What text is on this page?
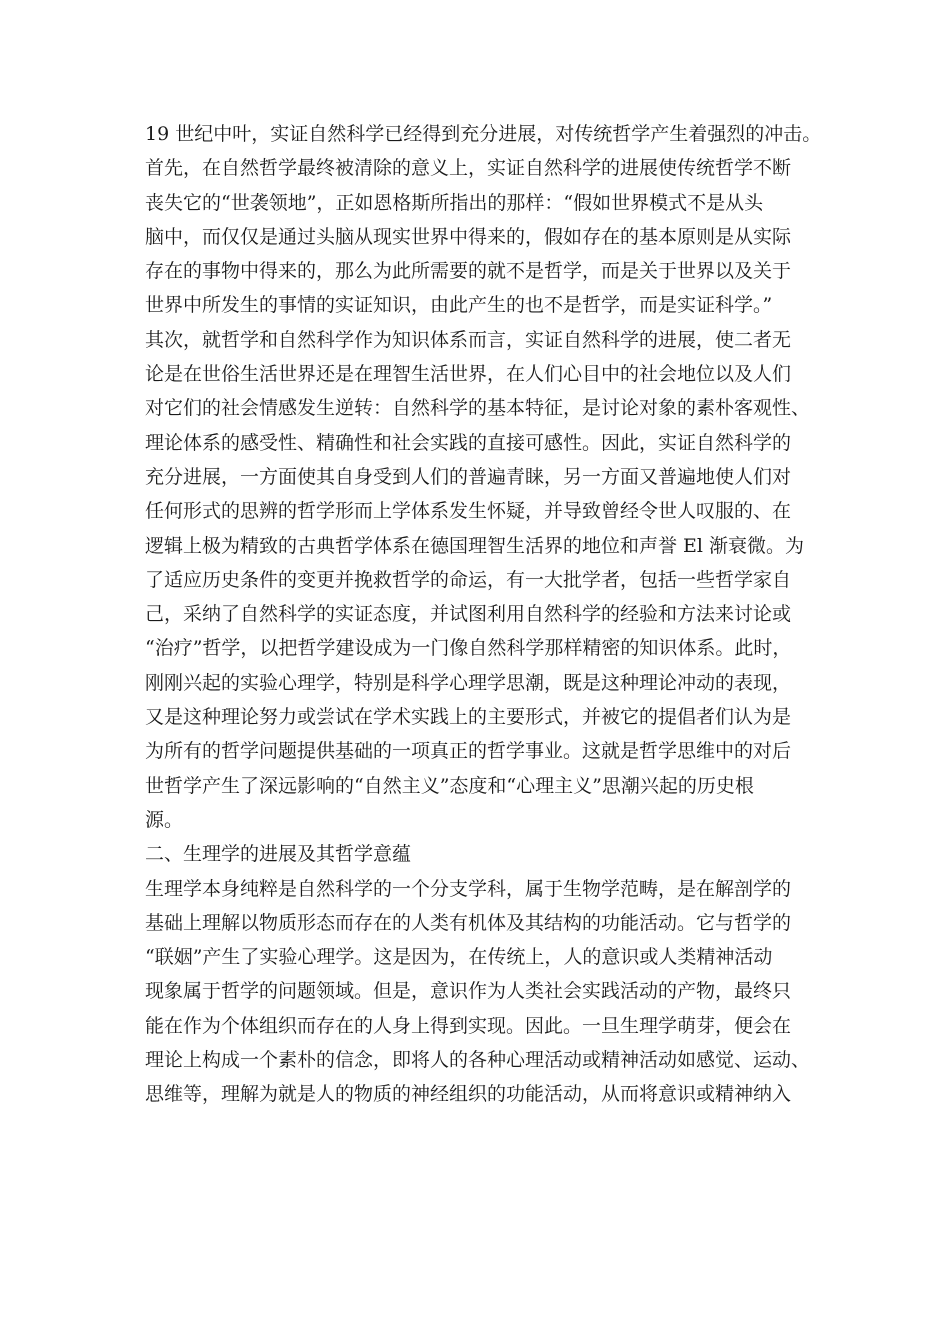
19 世纪中叶，实证自然科学已经得到充分进展，对传统哲学产生着强烈的冲击。
首先，在自然哲学最终被清除的意义上，实证自然科学的进展使传统哲学不断
丧失它的“世袭领地”，正如恩格斯所指出的那样：“假如世界模式不是从头
脑中，而仅仅是通过头脑从现实世界中得来的，假如存在的基本原则是从实际
存在的事物中得来的，那么为此所需要的就不是哲学，而是关于世界以及关于
世界中所发生的事情的实证知识，由此产生的也不是哲学，而是实证科学。”
其次，就哲学和自然科学作为知识体系而言，实证自然科学的进展，使二者无
论是在世俗生活世界还是在理智生活世界，在人们心目中的社会地位以及人们
对它们的社会情感发生逆转：自然科学的基本特征，是讨论对象的素朴客观性、
理论体系的感受性、精确性和社会实践的直接可感性。因此，实证自然科学的
充分进展，一方面使其自身受到人们的普遍青睐，另一方面又普遍地使人们对
任何形式的思辨的哲学形而上学体系发生怀疑，并导致曾经令世人叹服的、在
逻辑上极为精致的古典哲学体系在德国理智生活界的地位和声誉 El 渐衰微。为
了适应历史条件的变更并挽救哲学的命运，有一大批学者，包括一些哲学家自
己，采纳了自然科学的实证态度，并试图利用自然科学的经验和方法来讨论或
“治疗”哲学，以把哲学建设成为一门像自然科学那样精密的知识体系。此时，
刚刚兴起的实验心理学，特别是科学心理学思潮，既是这种理论冲动的表现，
又是这种理论努力或尝试在学术实践上的主要形式，并被它的提倡者们认为是
为所有的哲学问题提供基础的一项真正的哲学事业。这就是哲学思维中的对后
世哲学产生了深远影响的“自然主义”态度和“心理主义”思潮兴起的历史根
源。
二、生理学的进展及其哲学意蕴
生理学本身纯粹是自然科学的一个分支学科，属于生物学范畴，是在解剖学的
基础上理解以物质形态而存在的人类有机体及其结构的功能活动。它与哲学的
“联姻”产生了实验心理学。这是因为，在传统上，人的意识或人类精神活动
现象属于哲学的问题领域。但是，意识作为人类社会实践活动的产物，最终只
能在作为个体组织而存在的人身上得到实现。因此。一旦生理学萌芽，便会在
理论上构成一个素朴的信念，即将人的各种心理活动或精神活动如感觉、运动、
思维等，理解为就是人的物质的神经组织的功能活动，从而将意识或精神纳入
